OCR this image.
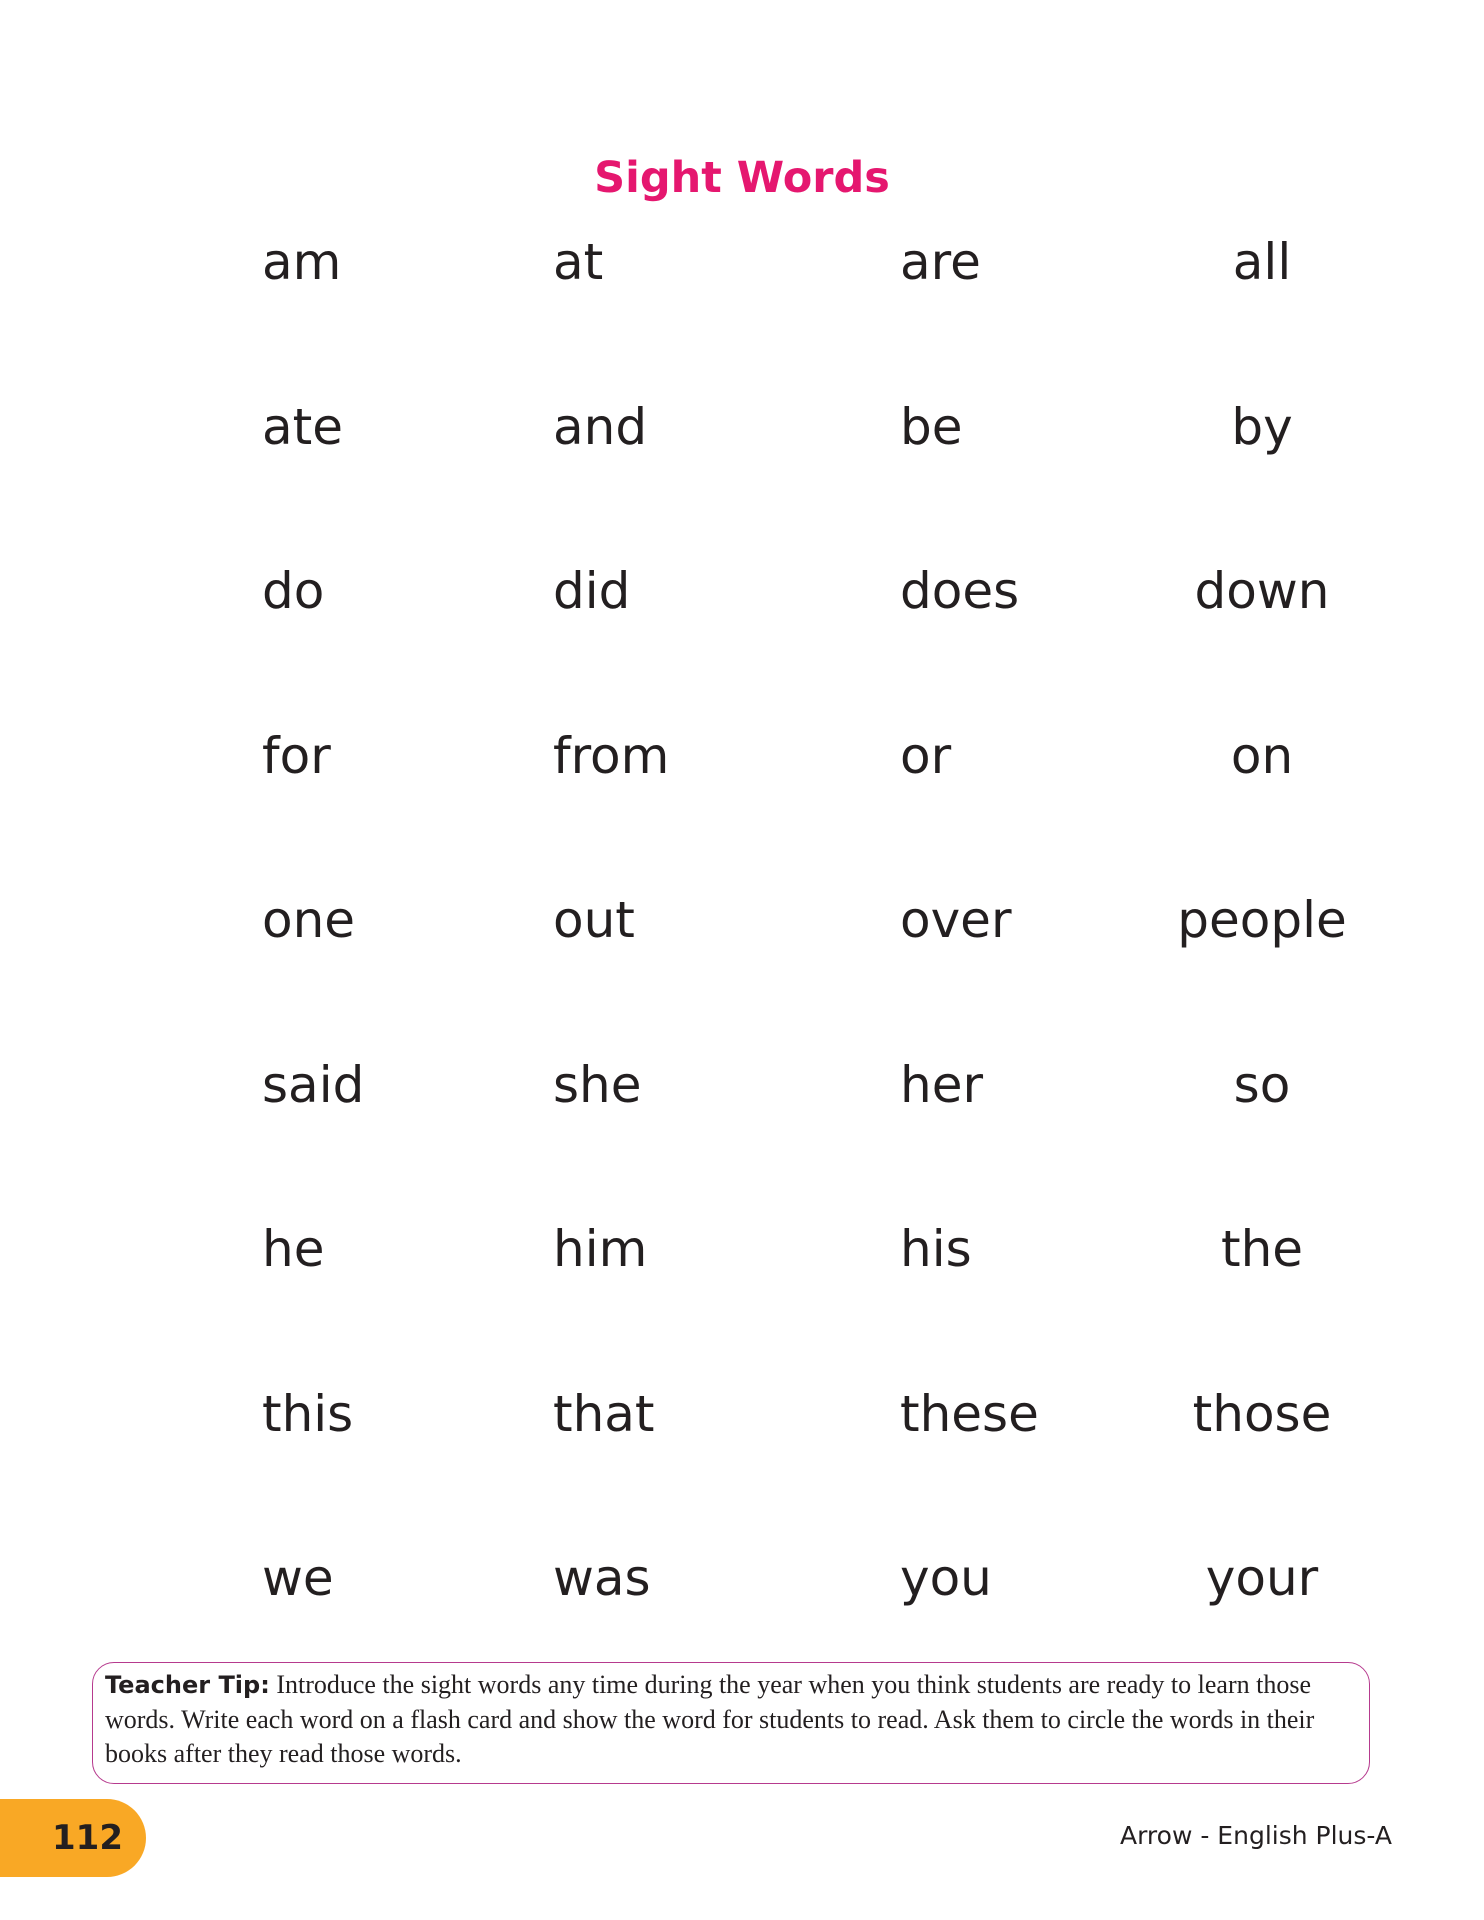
Sight Words
am	at	are	all
ate	and	be	by
do	did	does	down
for	from	or	on
one	out	over	people
said	she	her	so
he	him	his	the
this	that	these	those
we	was	you	your
Teacher Tip: Introduce the sight words any time during the year when you think students are ready to learn those words. Write each word on a flash card and show the word for students to read. Ask them to circle the words in their books after they read those words.
112	Arrow - English Plus-A
